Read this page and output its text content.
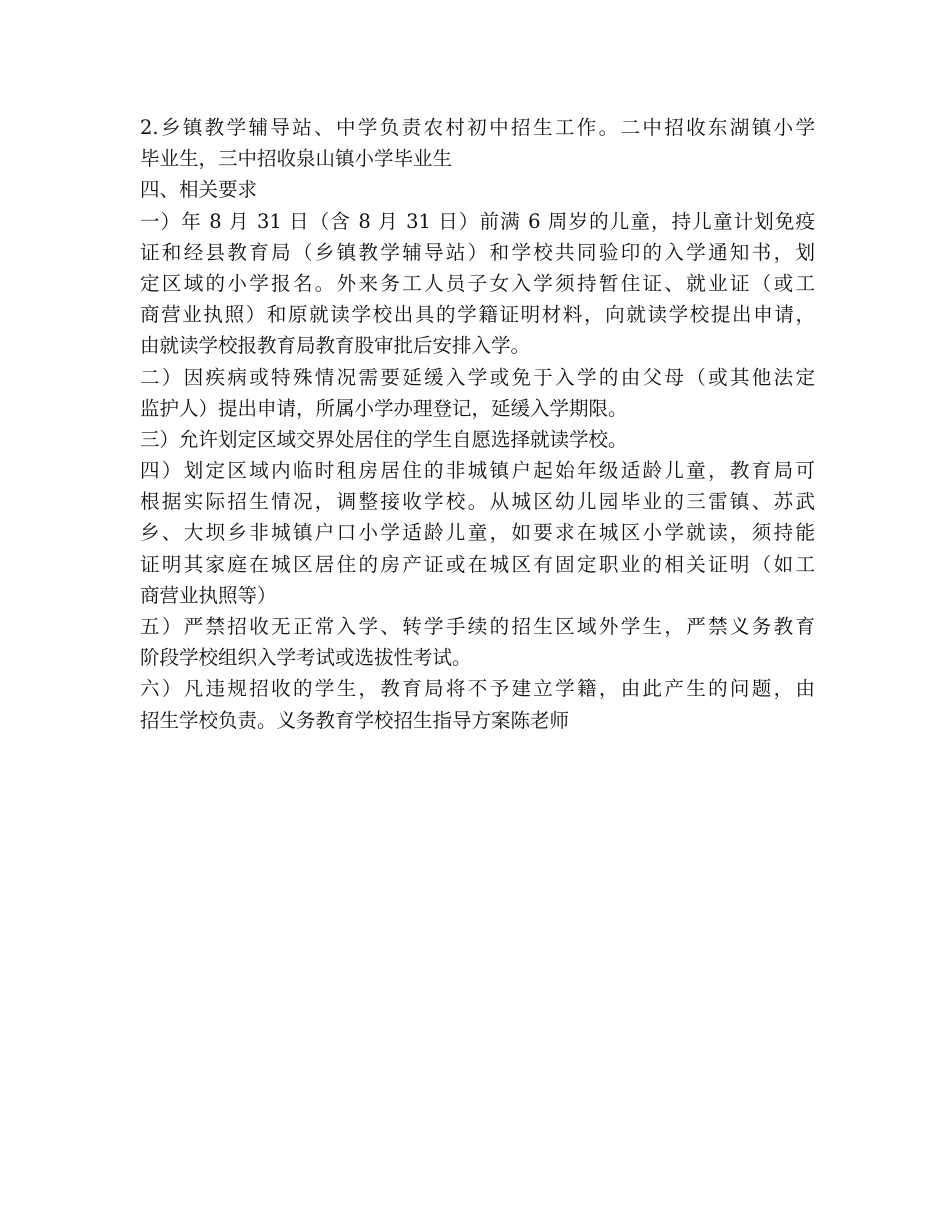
2.乡镇教学辅导站、中学负责农村初中招生工作。二中招收东湖镇小学
毕业生，三中招收泉山镇小学毕业生
四、相关要求
一）年 8 月 31 日（含 8 月 31 日）前满 6 周岁的儿童，持儿童计划免疫
证和经县教育局（乡镇教学辅导站）和学校共同验印的入学通知书，划
定区域的小学报名。外来务工人员子女入学须持暂住证、就业证（或工
商营业执照）和原就读学校出具的学籍证明材料，向就读学校提出申请，
由就读学校报教育局教育股审批后安排入学。
二）因疾病或特殊情况需要延缓入学或免于入学的由父母（或其他法定
监护人）提出申请，所属小学办理登记，延缓入学期限。
三）允许划定区域交界处居住的学生自愿选择就读学校。
四）划定区域内临时租房居住的非城镇户起始年级适龄儿童，教育局可
根据实际招生情况，调整接收学校。从城区幼儿园毕业的三雷镇、苏武
乡、大坝乡非城镇户口小学适龄儿童，如要求在城区小学就读，须持能
证明其家庭在城区居住的房产证或在城区有固定职业的相关证明（如工
商营业执照等）
五）严禁招收无正常入学、转学手续的招生区域外学生，严禁义务教育
阶段学校组织入学考试或选拔性考试。
六）凡违规招收的学生，教育局将不予建立学籍，由此产生的问题，由
招生学校负责。义务教育学校招生指导方案陈老师
